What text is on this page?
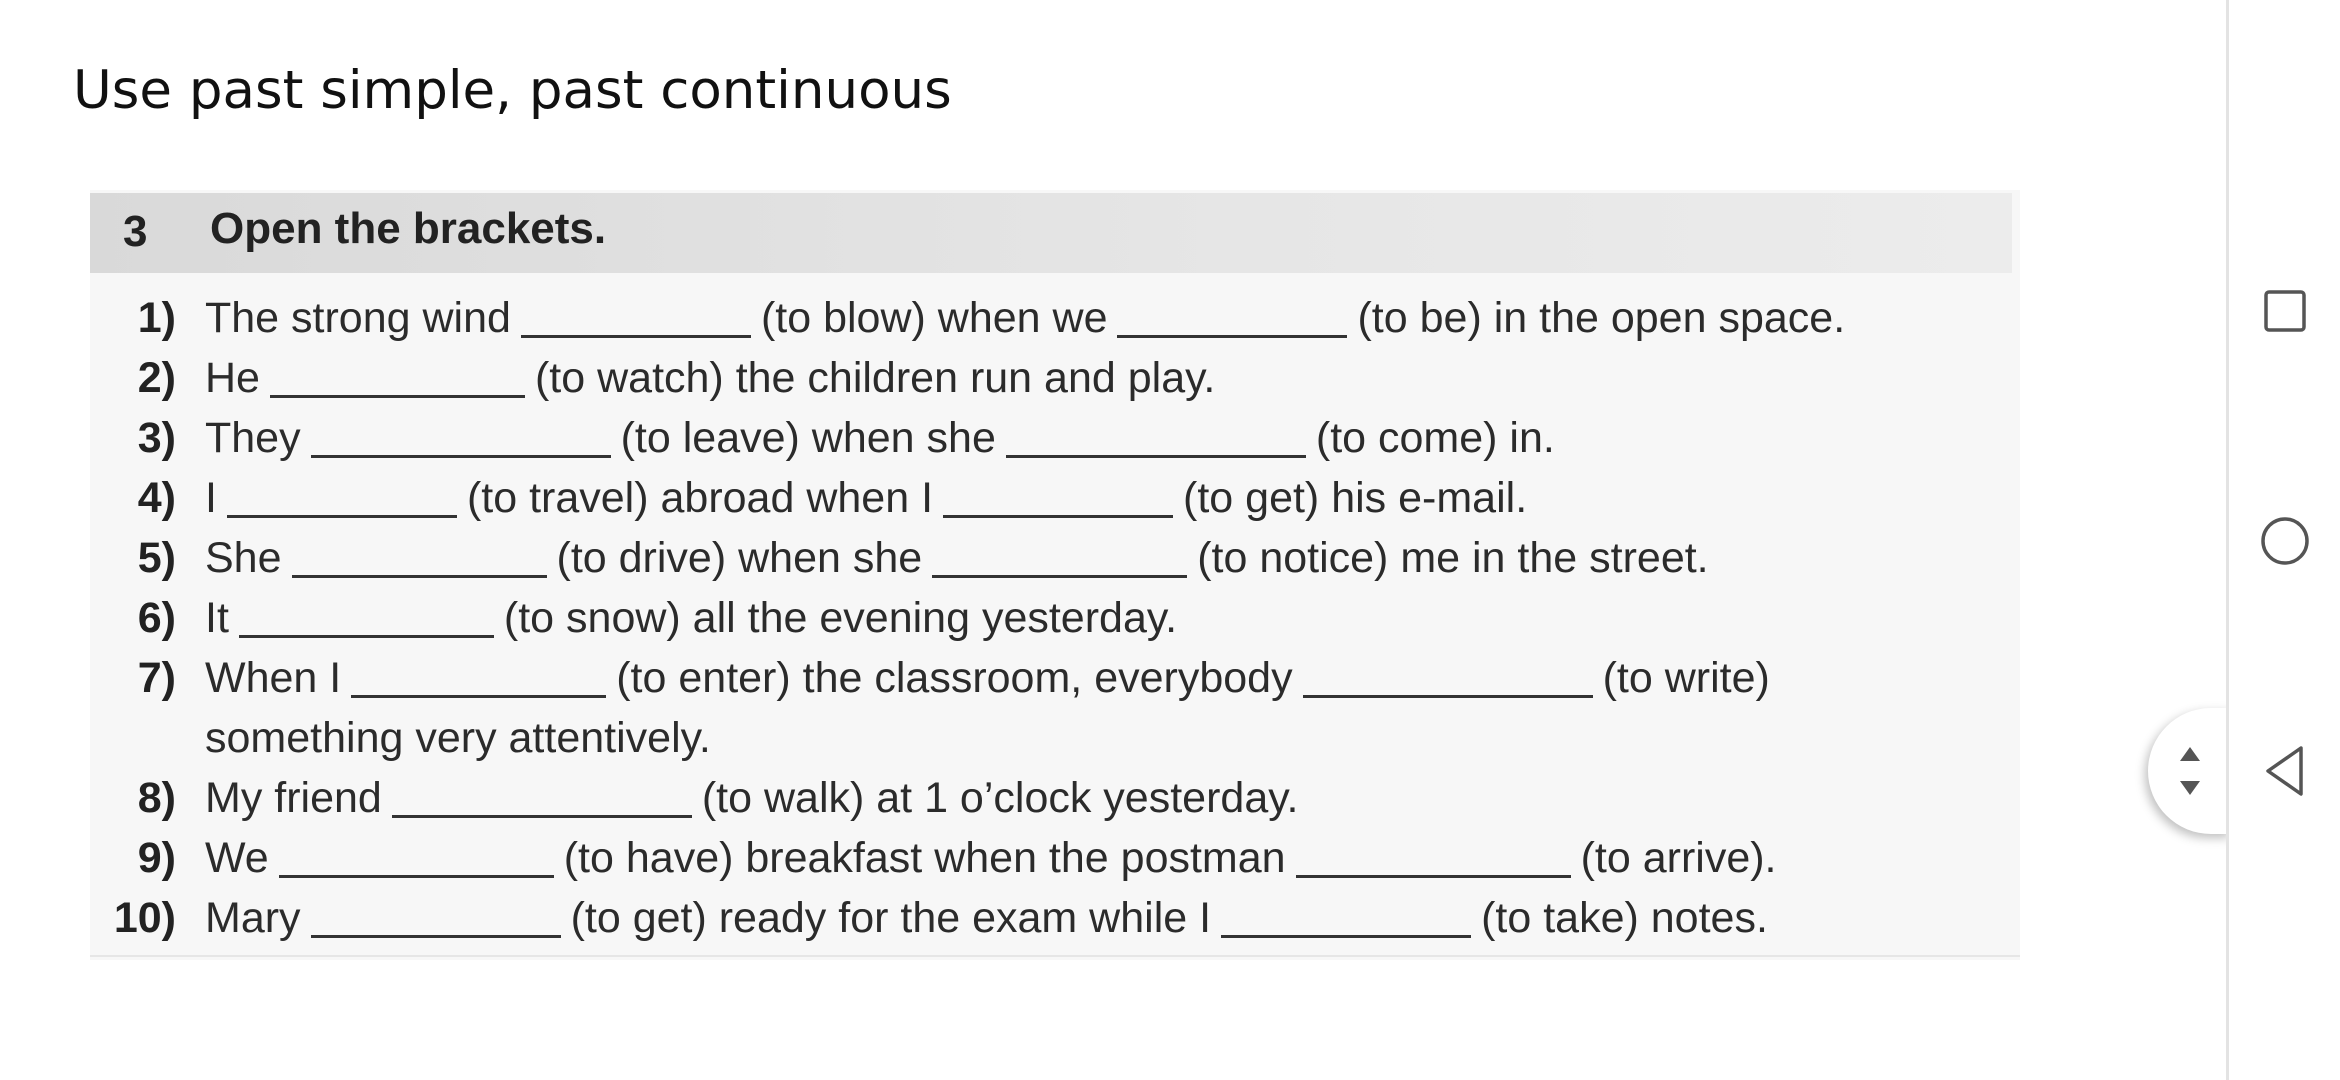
Use past simple, past continuous
3 Open the brackets.
1) The strong wind	(to blow) when we	(to be) in the open space.
2) He	(to watch) the children run and play.
3) They	(to leave) when she	(to come) in.
4) I	(to travel) abroad when I	(to get) his e-mail.
5) She	(to drive) when she	(to notice) me in the street.
6) It	(to snow) all the evening yesterday.
7) When I	(to enter) the classroom, everybody	(to write)
something very attentively.
8) My friend	(to walk) at 1 o’clock yesterday.
9) We	(to have) breakfast when the postman	(to arrive).
10) Mary	(to get) ready for the exam while I	(to take) notes.
